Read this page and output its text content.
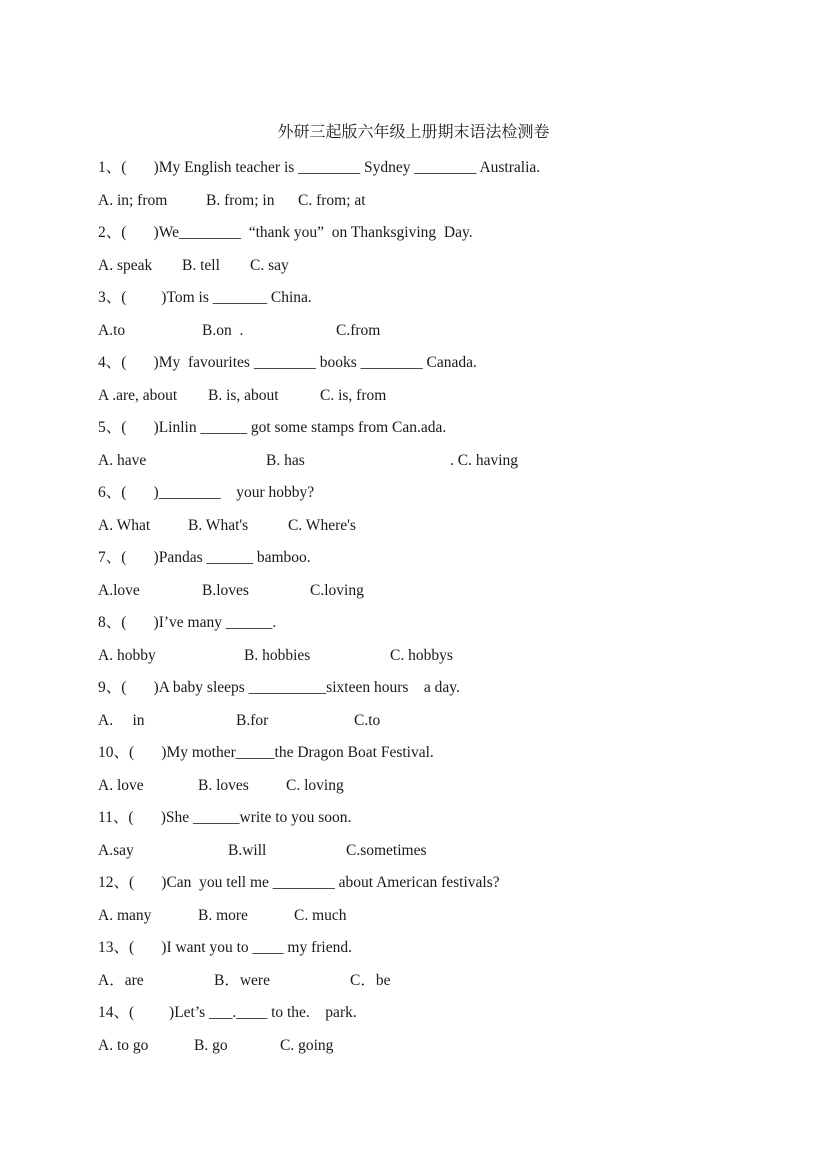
外研三起版六年级上册期末语法检测卷
1、(       )My English teacher is ________ Sydney ________ Australia.
A. in; from B. from; in C. from; at
2、(       )We________  “thank you”  on Thanksgiving  Day.
A. speak B. tell C. say
3、(         )Tom is _______ China.
A.to	B.on  .	C.from
4、(       )My  favourites ________ books ________ Canada.
A .are, about B. is, about	C. is, from
5、(       )Linlin ______ got some stamps from Can.ada.
A. have	B. has	. C. having
6、(       )________    your hobby?
A. What B. What's	C. Where's
7、(       )Pandas ______ bamboo.
A.love	B.loves	C.loving
8、(       )I’ve many ______.
A. hobby	B. hobbies	C. hobbys
9、(       )A baby sleeps __________sixteen hours    a day.
A.     in	B.for	C.to
10、(       )My mother_____the Dragon Boat Festival.
A. love	B. loves C. loving
11、(       )She ______write to you soon.
A.say	B.will	C.sometimes
12、(       )Can  you tell me ________ about American festivals?
A. many	B. more	C. much
13、(       )I want you to ____ my friend.
A．are	B．were	C．be
14、(         )Let’s ___.____ to the.    park.
A. to go	B. go	C. going
